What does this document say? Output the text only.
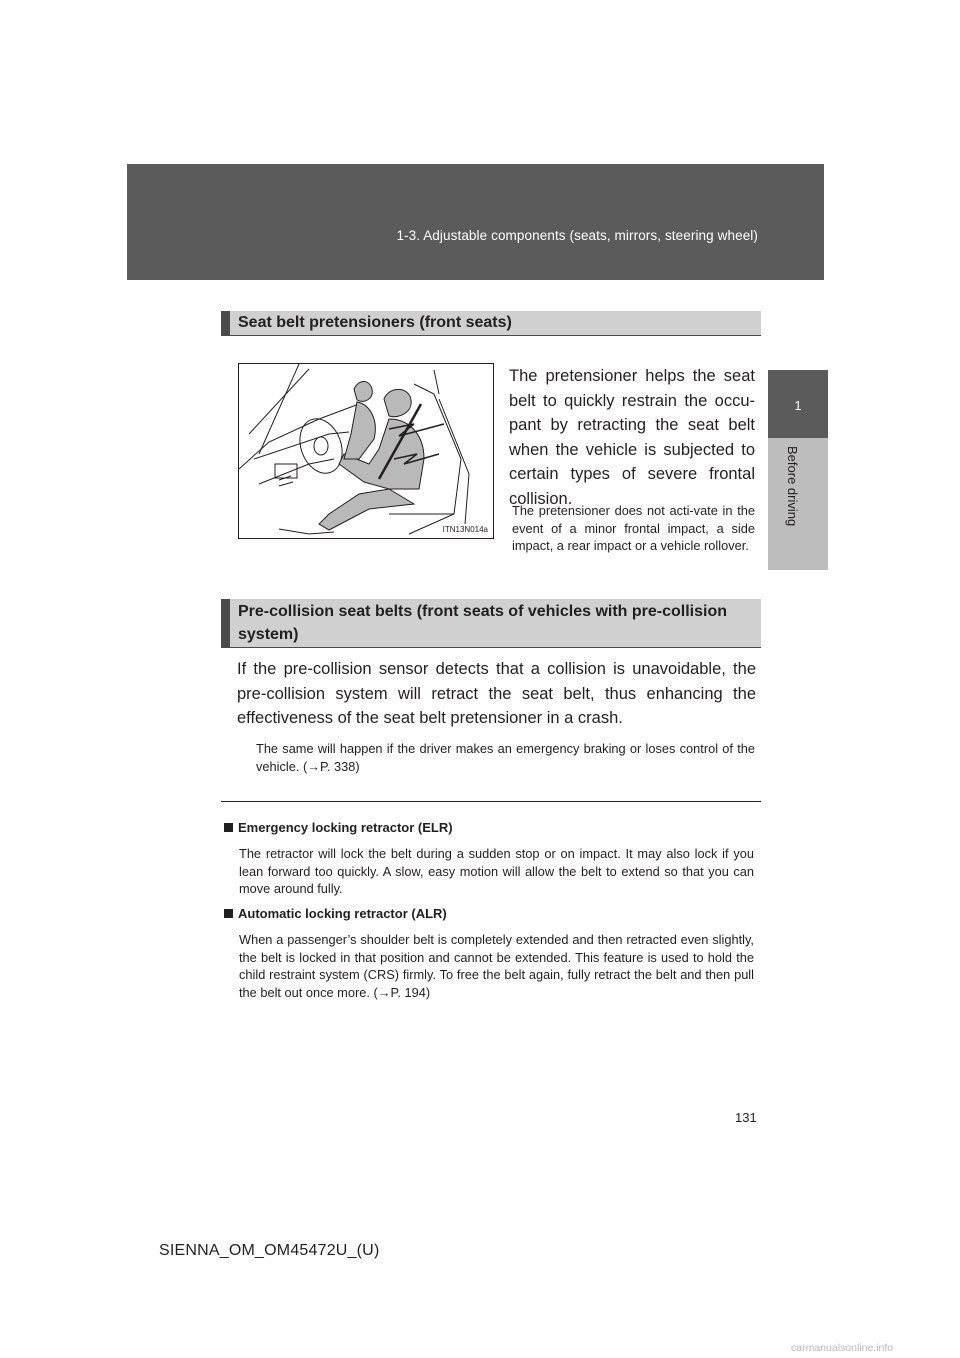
1-3. Adjustable components (seats, mirrors, steering wheel)
1
Before driving
Seat belt pretensioners (front seats)
ITN13N014a
The pretensioner helps the seat belt to quickly restrain the occu-pant by retracting the seat belt when the vehicle is subjected to certain types of severe frontal collision.
The pretensioner does not acti-vate in the event of a minor frontal impact, a side impact, a rear impact or a vehicle rollover.
Pre-collision seat belts (front seats of vehicles with pre-collision system)
If the pre-collision sensor detects that a collision is unavoidable, the pre-collision system will retract the seat belt, thus enhancing the effectiveness of the seat belt pretensioner in a crash.
The same will happen if the driver makes an emergency braking or loses control of the vehicle. (→P. 338)
Emergency locking retractor (ELR)
The retractor will lock the belt during a sudden stop or on impact. It may also lock if you lean forward too quickly. A slow, easy motion will allow the belt to extend so that you can move around fully.
Automatic locking retractor (ALR)
When a passenger’s shoulder belt is completely extended and then retracted even slightly, the belt is locked in that position and cannot be extended. This feature is used to hold the child restraint system (CRS) firmly. To free the belt again, fully retract the belt and then pull the belt out once more. (→P. 194)
131
SIENNA_OM_OM45472U_(U)
carmanualsonline.info
